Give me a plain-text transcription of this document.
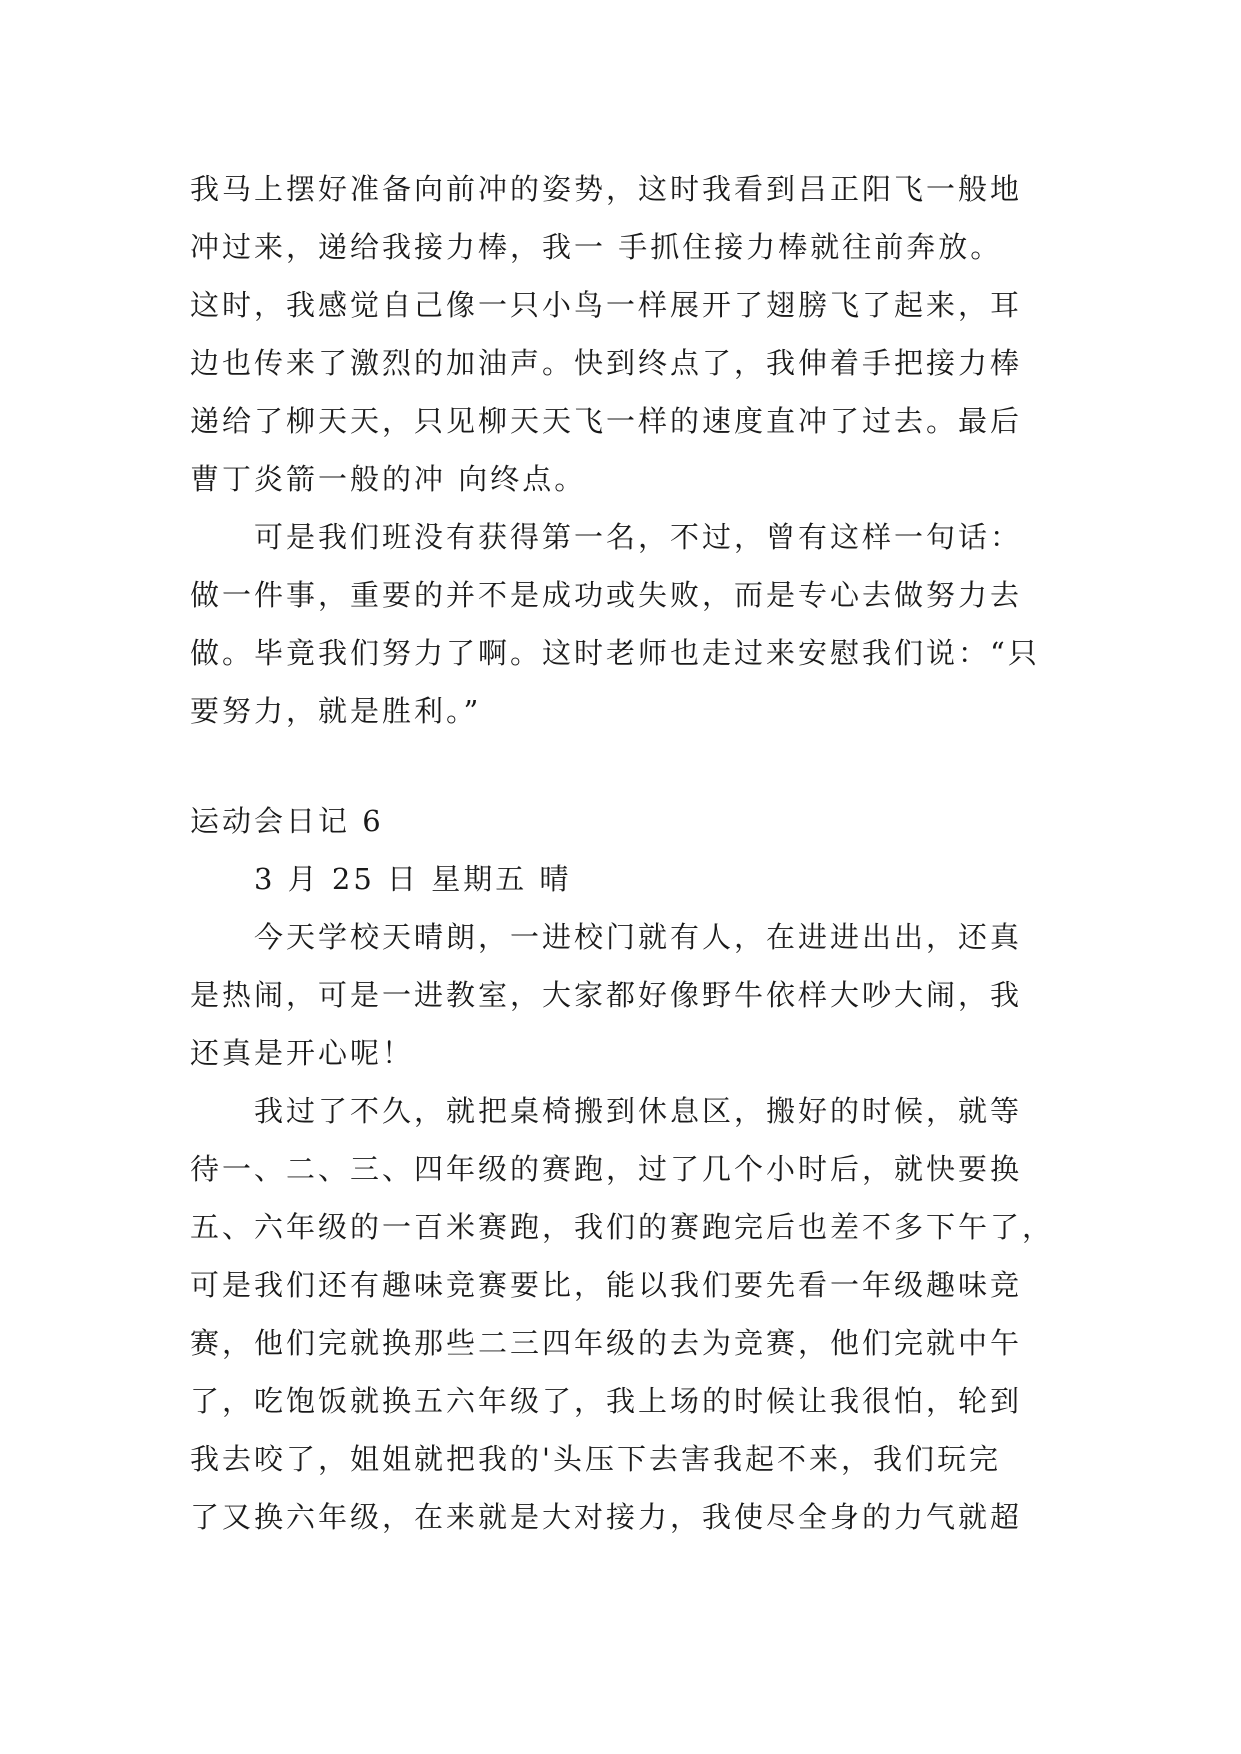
我马上摆好准备向前冲的姿势，这时我看到吕正阳飞一般地
冲过来，递给我接力棒，我一 手抓住接力棒就往前奔放。
这时，我感觉自己像一只小鸟一样展开了翅膀飞了起来，耳
边也传来了激烈的加油声。快到终点了，我伸着手把接力棒
递给了柳天天，只见柳天天飞一样的速度直冲了过去。最后
曹丁炎箭一般的冲 向终点。
可是我们班没有获得第一名，不过，曾有这样一句话：
做一件事，重要的并不是成功或失败，而是专心去做努力去
做。毕竟我们努力了啊。这时老师也走过来安慰我们说：“只
要努力，就是胜利。”
运动会日记 6
3 月 25 日 星期五 晴
今天学校天晴朗，一进校门就有人，在进进出出，还真
是热闹，可是一进教室，大家都好像野牛依样大吵大闹，我
还真是开心呢！
我过了不久，就把桌椅搬到休息区，搬好的时候，就等
待一、二、三、四年级的赛跑，过了几个小时后，就快要换
五、六年级的一百米赛跑，我们的赛跑完后也差不多下午了，
可是我们还有趣味竞赛要比，能以我们要先看一年级趣味竞
赛，他们完就换那些二三四年级的去为竞赛，他们完就中午
了，吃饱饭就换五六年级了，我上场的时候让我很怕，轮到
我去咬了，姐姐就把我的'头压下去害我起不来，我们玩完
了又换六年级，在来就是大对接力，我使尽全身的力气就超
